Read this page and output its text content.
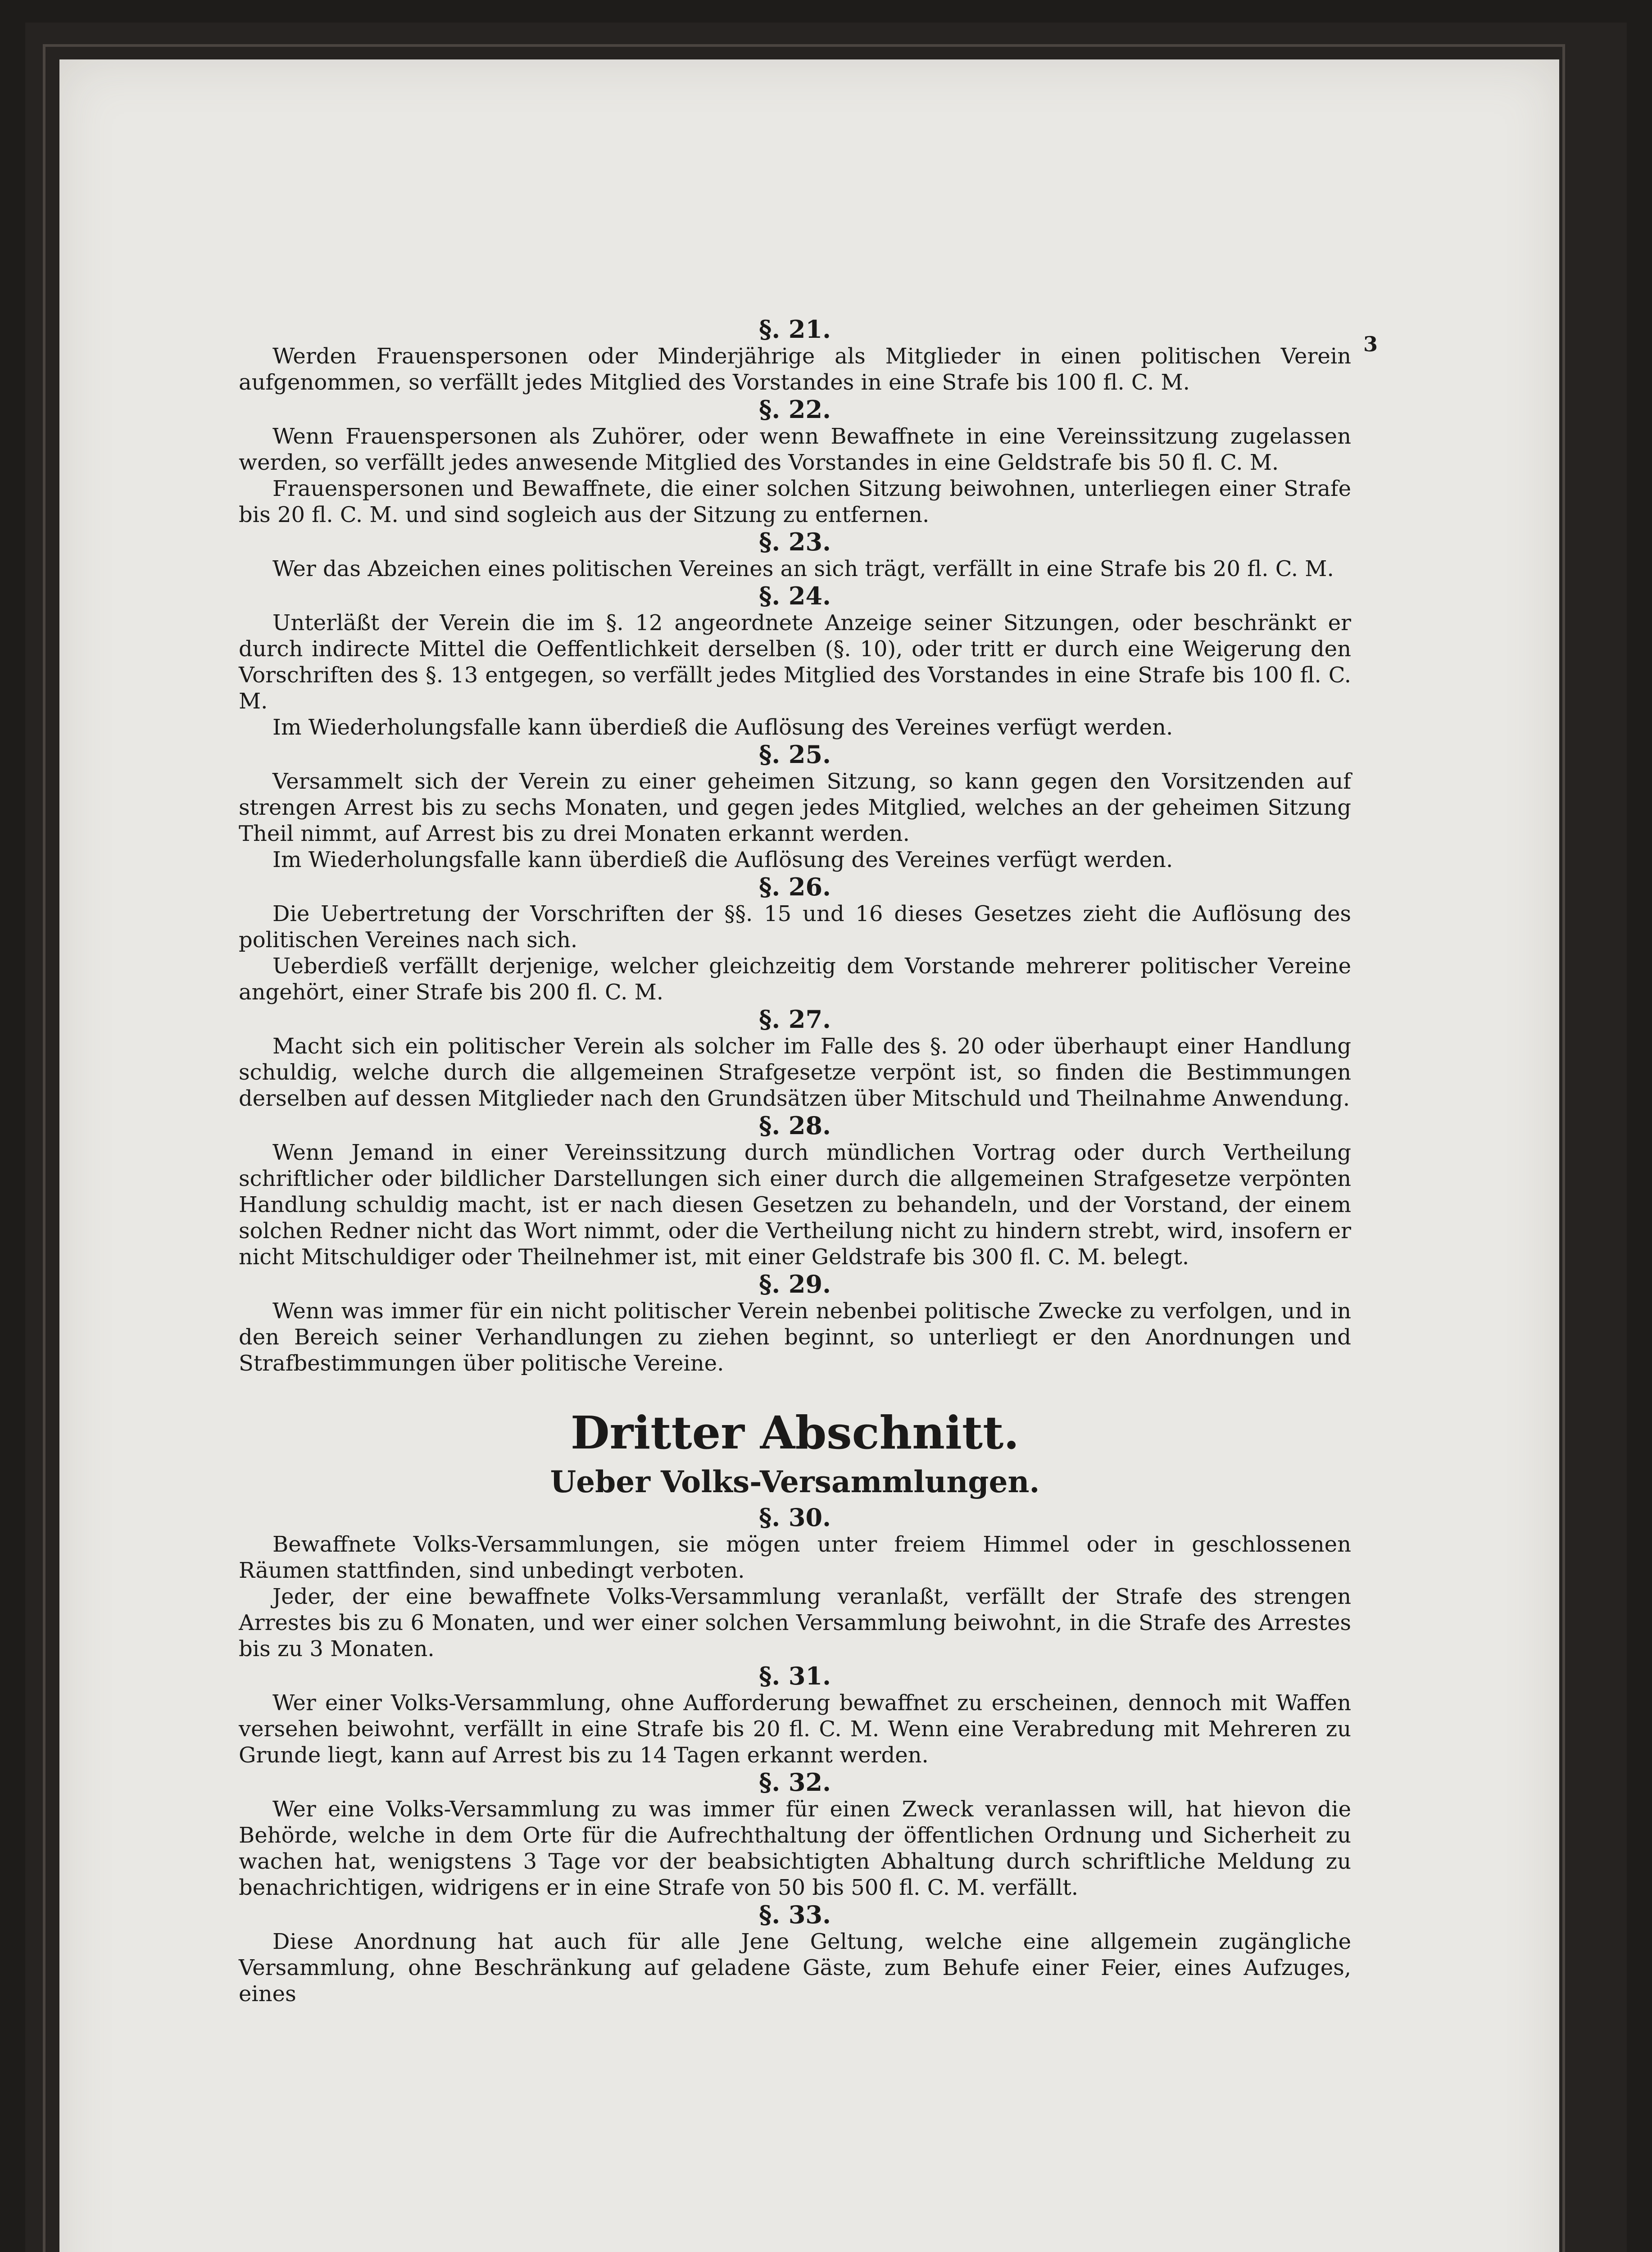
3
§. 21.

Werden Frauenspersonen oder Minderjährige als Mitglieder in einen politischen Verein aufgenommen, so verfällt jedes Mitglied des Vorstandes in eine Strafe bis 100 fl. C. M.

§. 22.

Wenn Frauenspersonen als Zuhörer, oder wenn Bewaffnete in eine Vereinssitzung zugelassen werden, so verfällt jedes anwesende Mitglied des Vorstandes in eine Geldstrafe bis 50 fl. C. M.

Frauenspersonen und Bewaffnete, die einer solchen Sitzung beiwohnen, unterliegen einer Strafe bis 20 fl. C. M. und sind sogleich aus der Sitzung zu entfernen.

§. 23.

Wer das Abzeichen eines politischen Vereines an sich trägt, verfällt in eine Strafe bis 20 fl. C. M.

§. 24.

Unterläßt der Verein die im §. 12 angeordnete Anzeige seiner Sitzungen, oder beschränkt er durch indirecte Mittel die Oeffentlichkeit derselben (§. 10), oder tritt er durch eine Weigerung den Vorschriften des §. 13 entgegen, so verfällt jedes Mitglied des Vorstandes in eine Strafe bis 100 fl. C. M.

Im Wiederholungsfalle kann überdieß die Auflösung des Vereines verfügt werden.

§. 25.

Versammelt sich der Verein zu einer geheimen Sitzung, so kann gegen den Vorsitzenden auf strengen Arrest bis zu sechs Monaten, und gegen jedes Mitglied, welches an der geheimen Sitzung Theil nimmt, auf Arrest bis zu drei Monaten erkannt werden.

Im Wiederholungsfalle kann überdieß die Auflösung des Vereines verfügt werden.

§. 26.

Die Uebertretung der Vorschriften der §§. 15 und 16 dieses Gesetzes zieht die Auflösung des politischen Vereines nach sich.

Ueberdieß verfällt derjenige, welcher gleichzeitig dem Vorstande mehrerer politischer Vereine angehört, einer Strafe bis 200 fl. C. M.

§. 27.

Macht sich ein politischer Verein als solcher im Falle des §. 20 oder überhaupt einer Handlung schuldig, welche durch die allgemeinen Strafgesetze verpönt ist, so finden die Bestimmungen derselben auf dessen Mitglieder nach den Grundsätzen über Mitschuld und Theilnahme Anwendung.

§. 28.

Wenn Jemand in einer Vereinssitzung durch mündlichen Vortrag oder durch Vertheilung schriftlicher oder bildlicher Darstellungen sich einer durch die allgemeinen Strafgesetze verpönten Handlung schuldig macht, ist er nach diesen Gesetzen zu behandeln, und der Vorstand, der einem solchen Redner nicht das Wort nimmt, oder die Vertheilung nicht zu hindern strebt, wird, insofern er nicht Mitschuldiger oder Theilnehmer ist, mit einer Geldstrafe bis 300 fl. C. M. belegt.

§. 29.

Wenn was immer für ein nicht politischer Verein nebenbei politische Zwecke zu verfolgen, und in den Bereich seiner Verhandlungen zu ziehen beginnt, so unterliegt er den Anordnungen und Strafbestimmungen über politische Vereine.

Dritter Abschnitt.
Ueber Volks-Versammlungen.
§. 30.

Bewaffnete Volks-Versammlungen, sie mögen unter freiem Himmel oder in geschlossenen Räumen stattfinden, sind unbedingt verboten.

Jeder, der eine bewaffnete Volks-Versammlung veranlaßt, verfällt der Strafe des strengen Arrestes bis zu 6 Monaten, und wer einer solchen Versammlung beiwohnt, in die Strafe des Arrestes bis zu 3 Monaten.

§. 31.

Wer einer Volks-Versammlung, ohne Aufforderung bewaffnet zu erscheinen, dennoch mit Waffen versehen beiwohnt, verfällt in eine Strafe bis 20 fl. C. M. Wenn eine Verabredung mit Mehreren zu Grunde liegt, kann auf Arrest bis zu 14 Tagen erkannt werden.

§. 32.

Wer eine Volks-Versammlung zu was immer für einen Zweck veranlassen will, hat hievon die Behörde, welche in dem Orte für die Aufrechthaltung der öffentlichen Ordnung und Sicherheit zu wachen hat, wenigstens 3 Tage vor der beabsichtigten Abhaltung durch schriftliche Meldung zu benachrichtigen, widrigens er in eine Strafe von 50 bis 500 fl. C. M. verfällt.

§. 33.

Diese Anordnung hat auch für alle Jene Geltung, welche eine allgemein zugängliche Versammlung, ohne Beschränkung auf geladene Gäste, zum Behufe einer Feier, eines Aufzuges, eines
